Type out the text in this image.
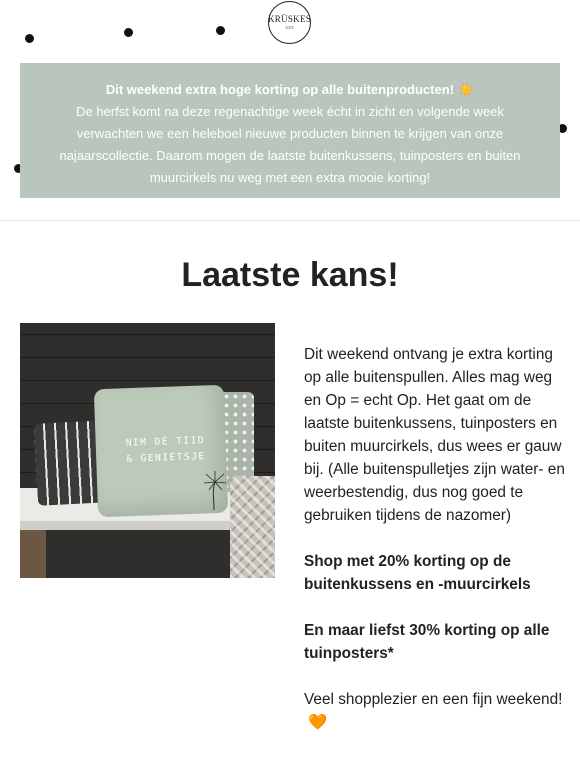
KRÜSKES
XXX
Dit weekend extra hoge korting op alle buitenproducten! ☀️
De herfst komt na deze regenachtige week écht in zicht en volgende week
verwachten we een heleboel nieuwe producten binnen te krijgen van onze
najaarscollectie. Daarom mogen de laatste buitenkussens, tuinposters en buiten
muurcirkels nu weg met een extra mooie korting!
Laatste kans!
NIM DE TIID
& GENIETSJE

Dit weekend ontvang je extra korting op alle buitenspullen. Alles mag weg en Op = echt Op. Het gaat om de laatste buitenkussens, tuinposters en buiten muurcirkels, dus wees er gauw bij. (Alle buitenspulletjes zijn water- en weerbestendig, dus nog goed te gebruiken tijdens de nazomer)

Shop met 20% korting op de buitenkussens en -muurcirkels

En maar liefst 30% korting op alle tuinposters*

Veel shopplezier en een fijn weekend!🧡
